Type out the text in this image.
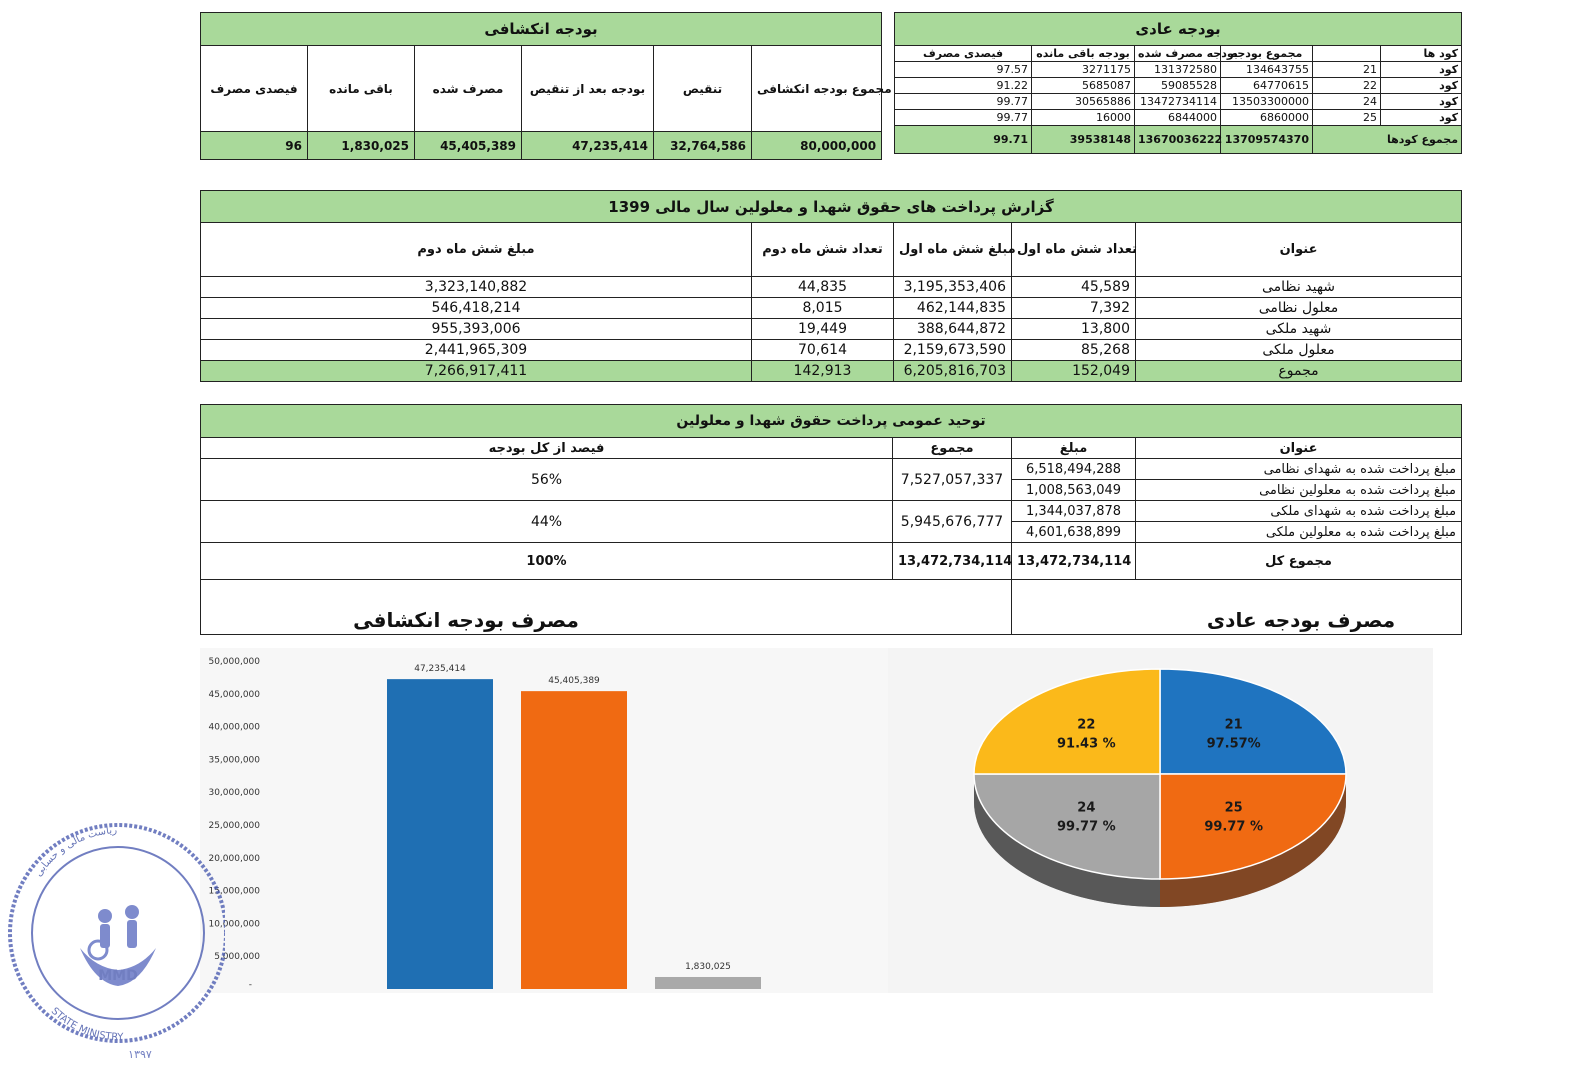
بودجه انکشافی					
فیصدی مصرف	باقی مانده	مصرف شده	بودجه بعد از تنقیص	تنقیص	مجموع بودجه انکشافی
96	1,830,025	45,405,389	47,235,414	32,764,586	80,000,000
بودجه عادی					
فیصدی مصرف	بودجه باقی مانده	بودجه مصرف شده	مجموع بودجه		کود ها
97.57	3271175	131372580	134643755	21	کود
91.22	5685087	59085528	64770615	22	کود
99.77	30565886	13472734114	13503300000	24	کود
99.77	16000	6844000	6860000	25	کود
99.71	39538148	13670036222	13709574370	مجموع کودها	
گزارش پرداخت های حقوق شهدا و معلولین سال مالی 1399				
مبلغ شش ماه دوم	تعداد شش ماه دوم	مبلغ شش ماه اول	تعداد شش ماه اول	عنوان
3,323,140,882	44,835	3,195,353,406	45,589	شهید نظامی
546,418,214	8,015	462,144,835	7,392	معلول نظامی
955,393,006	19,449	388,644,872	13,800	شهید ملکی
2,441,965,309	70,614	2,159,673,590	85,268	معلول ملکی
7,266,917,411	142,913	6,205,816,703	152,049	مجموع
توحید عمومی پرداخت حقوق شهدا و معلولین			
فیصد از کل بودجه	مجموع	مبلغ	عنوان
56%	7,527,057,337	6,518,494,288	مبلغ پرداخت شده به شهدای نظامی
		1,008,563,049	مبلغ پرداخت شده به معلولین نظامی
44%	5,945,676,777	1,344,037,878	مبلغ پرداخت شده به شهدای ملکی
		4,601,638,899	مبلغ پرداخت شده به معلولین ملکی
100%	13,472,734,114	13,472,734,114	مجموع کل

مصرف بودجه انکشافی		مصرف بودجه عادی	
5,000,000
10,000,000
15,000,000
20,000,000
25,000,000
30,000,000
35,000,000
40,000,000
45,000,000
50,000,000
-
47,235,414
45,405,389
1,830,025
21
97.57%
25
99.77 %
24
99.77 %
22
91.43 %
ریاست مالی و حسابی
STATE MINISTRY
MMD
۱۳۹۷
